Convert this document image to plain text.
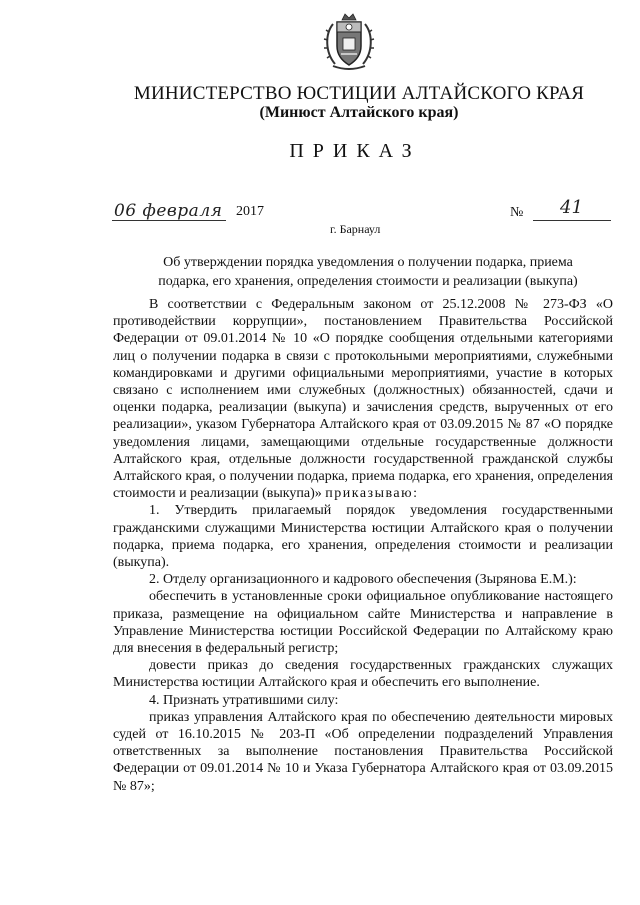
МИНИСТЕРСТВО ЮСТИЦИИ АЛТАЙСКОГО КРАЯ
(Минюст Алтайского края)
ПРИКАЗ
06 февраля 2017
г. Барнаул
№ 41
Об утверждении порядка уведомления о получении подарка, приема подарка, его хранения, определения стоимости и реализации (выкупа)

В соответствии с Федеральным законом от 25.12.2008 № 273-ФЗ «О противодействии коррупции», постановлением Правительства Российской Федерации от 09.01.2014 № 10 «О порядке сообщения отдельными категориями лиц о получении подарка в связи с протокольными мероприятиями, служебными командировками и другими официальными мероприятиями, участие в которых связано с исполнением ими служебных (должностных) обязанностей, сдачи и оценки подарка, реализации (выкупа) и зачисления средств, вырученных от его реализации», указом Губернатора Алтайского края от 03.09.2015 № 87 «О порядке уведомления лицами, замещающими отдельные государственные должности Алтайского края, отдельные должности государственной гражданской службы Алтайского края, о получении подарка, приема подарка, его хранения, определения стоимости и реализации (выкупа)» приказываю:

1. Утвердить прилагаемый порядок уведомления государственными гражданскими служащими Министерства юстиции Алтайского края о получении подарка, приема подарка, его хранения, определения стоимости и реализации (выкупа).

2. Отделу организационного и кадрового обеспечения (Зырянова Е.М.):

обеспечить в установленные сроки официальное опубликование настоящего приказа, размещение на официальном сайте Министерства и направление в Управление Министерства юстиции Российской Федерации по Алтайскому краю для внесения в федеральный регистр;

довести приказ до сведения государственных гражданских служащих Министерства юстиции Алтайского края и обеспечить его выполнение.

4. Признать утратившими силу:

приказ управления Алтайского края по обеспечению деятельности мировых судей от 16.10.2015 № 203-П «Об определении подразделений Управления ответственных за выполнение постановления Правительства Российской Федерации от 09.01.2014 № 10 и Указа Губернатора Алтайского края от 03.09.2015 № 87»;
